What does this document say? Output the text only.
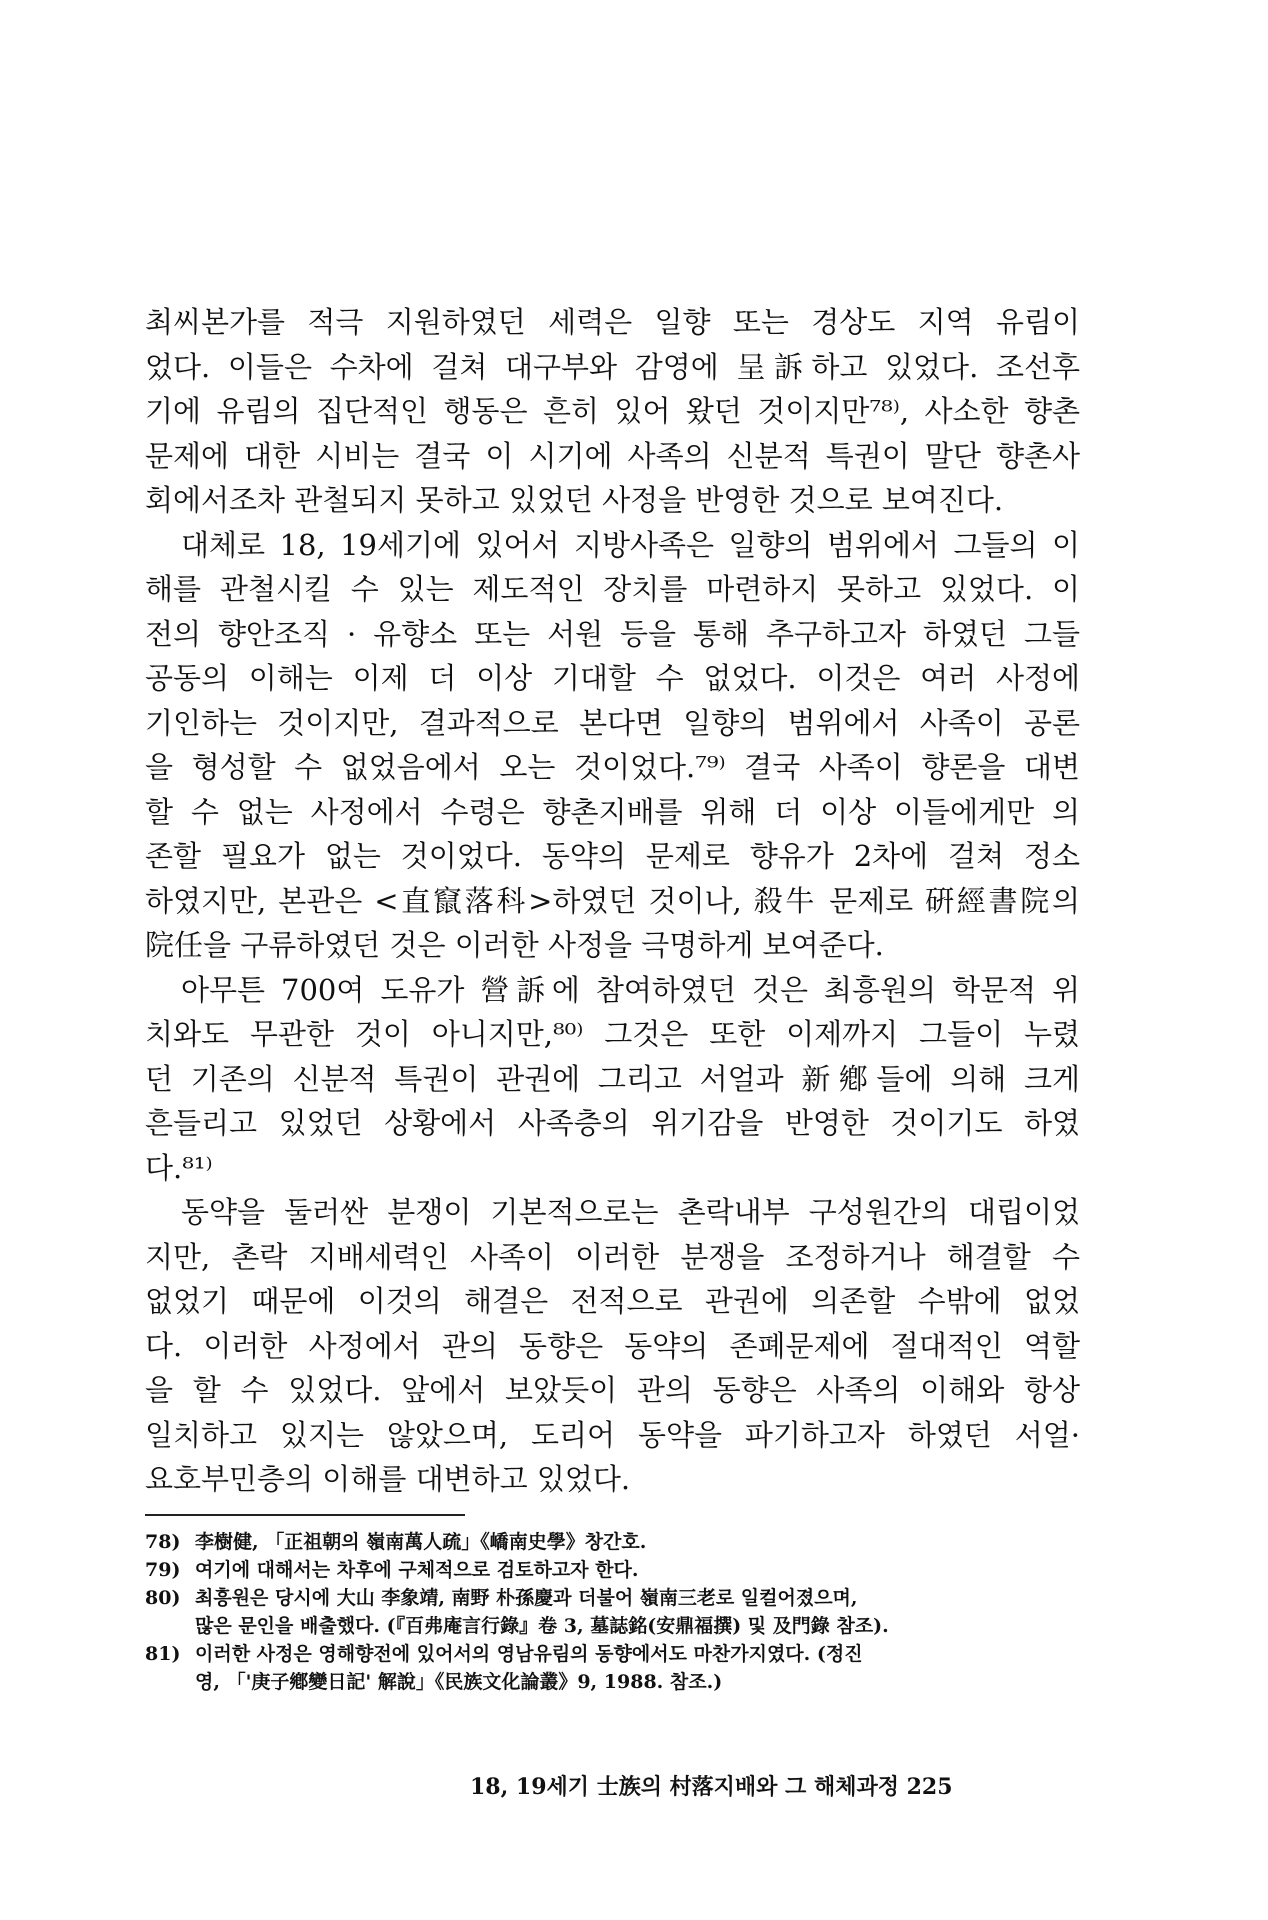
최씨본가를 적극 지원하였던 세력은 일향 또는 경상도 지역 유림이
었다. 이들은 수차에 걸쳐 대구부와 감영에 呈訴하고 있었다. 조선후
기에 유림의 집단적인 행동은 흔히 있어 왔던 것이지만⁷⁸⁾, 사소한 향촌
문제에 대한 시비는 결국 이 시기에 사족의 신분적 특권이 말단 향촌사
회에서조차 관철되지 못하고 있었던 사정을 반영한 것으로 보여진다.
대체로 18, 19세기에 있어서 지방사족은 일향의 범위에서 그들의 이
해를 관철시킬 수 있는 제도적인 장치를 마련하지 못하고 있었다. 이
전의 향안조직 · 유향소 또는 서원 등을 통해 추구하고자 하였던 그들
공동의 이해는 이제 더 이상 기대할 수 없었다. 이것은 여러 사정에
기인하는 것이지만, 결과적으로 본다면 일향의 범위에서 사족이 공론
을 형성할 수 없었음에서 오는 것이었다.⁷⁹⁾ 결국 사족이 향론을 대변
할 수 없는 사정에서 수령은 향촌지배를 위해 더 이상 이들에게만 의
존할 필요가 없는 것이었다. 동약의 문제로 향유가 2차에 걸쳐 정소
하였지만, 본관은 <直竄落科>하였던 것이나, 殺牛 문제로 硏經書院의
院任을 구류하였던 것은 이러한 사정을 극명하게 보여준다.
아무튼 700여 도유가 營訴에 참여하였던 것은 최흥원의 학문적 위
치와도 무관한 것이 아니지만,⁸⁰⁾ 그것은 또한 이제까지 그들이 누렸
던 기존의 신분적 특권이 관권에 그리고 서얼과 新鄕들에 의해 크게
흔들리고 있었던 상황에서 사족층의 위기감을 반영한 것이기도 하였
다.⁸¹⁾
동약을 둘러싼 분쟁이 기본적으로는 촌락내부 구성원간의 대립이었
지만, 촌락 지배세력인 사족이 이러한 분쟁을 조정하거나 해결할 수
없었기 때문에 이것의 해결은 전적으로 관권에 의존할 수밖에 없었
다. 이러한 사정에서 관의 동향은 동약의 존폐문제에 절대적인 역할
을 할 수 있었다. 앞에서 보았듯이 관의 동향은 사족의 이해와 항상
일치하고 있지는 않았으며, 도리어 동약을 파기하고자 하였던 서얼·
요호부민층의 이해를 대변하고 있었다.
78) 李樹健, 「正祖朝의 嶺南萬人疏」《嶠南史學》창간호.
79) 여기에 대해서는 차후에 구체적으로 검토하고자 한다.
80) 최흥원은 당시에 大山 李象靖, 南野 朴孫慶과 더불어 嶺南三老로 일컬어졌으며,
많은 문인을 배출했다. (『百弗庵言行錄』卷 3, 墓誌銘(安鼎福撰) 및 及門錄 참조).
81) 이러한 사정은 영해향전에 있어서의 영남유림의 동향에서도 마찬가지였다. (정진
영, 「'庚子鄕變日記' 解說」《民族文化論叢》9, 1988. 참조.)
18, 19세기 士族의 村落지배와 그 해체과정 225
